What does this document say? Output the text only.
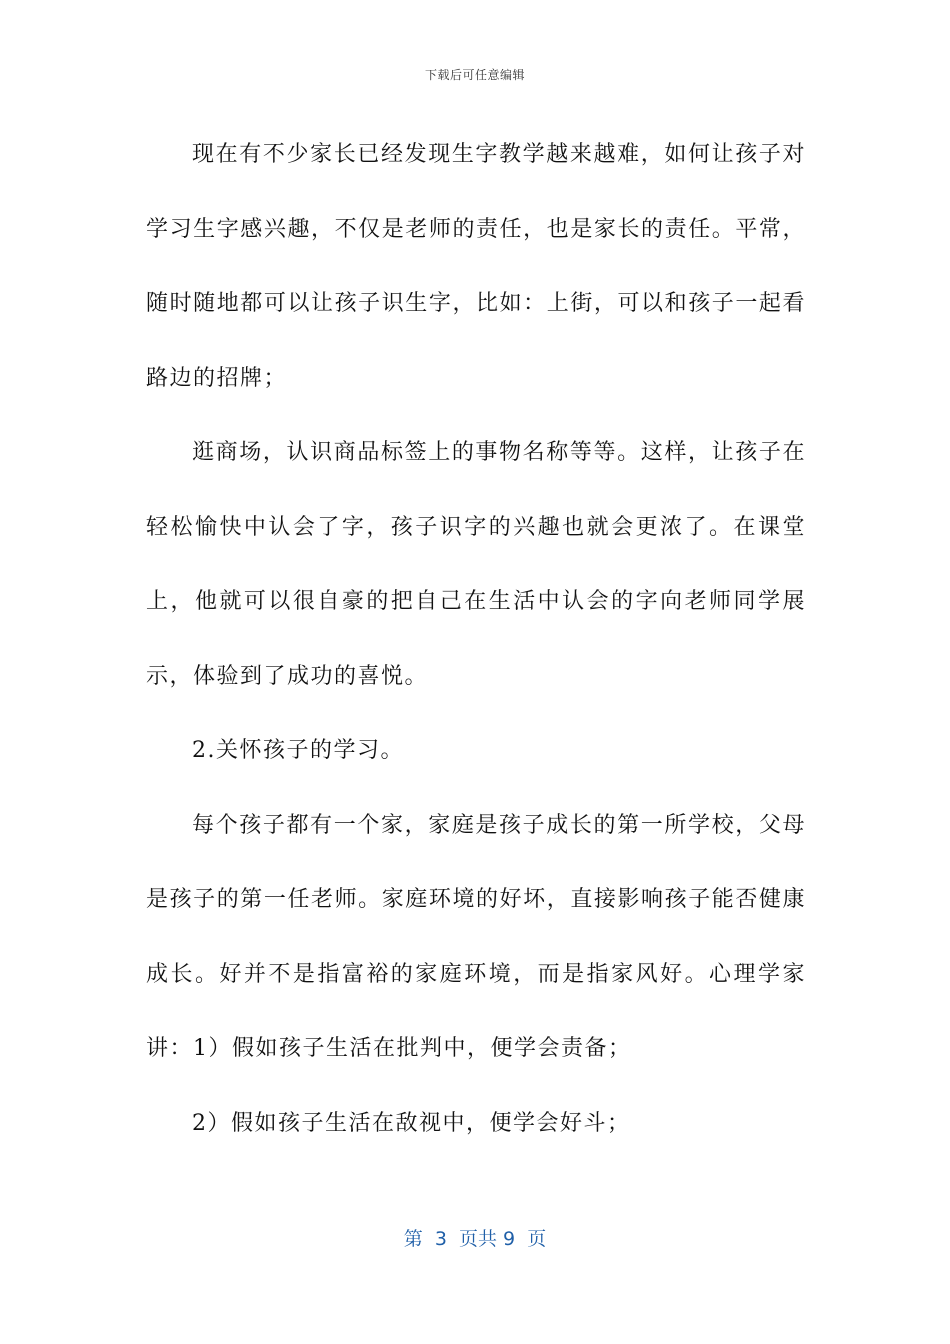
下载后可任意编辑

现在有不少家长已经发现生字教学越来越难，如何让孩子对学习生字感兴趣，不仅是老师的责任，也是家长的责任。平常，随时随地都可以让孩子识生字，比如：上街，可以和孩子一起看路边的招牌；

逛商场，认识商品标签上的事物名称等等。这样，让孩子在轻松愉快中认会了字，孩子识字的兴趣也就会更浓了。在课堂上，他就可以很自豪的把自己在生活中认会的字向老师同学展示，体验到了成功的喜悦。

2.关怀孩子的学习。

每个孩子都有一个家，家庭是孩子成长的第一所学校，父母是孩子的第一任老师。家庭环境的好坏，直接影响孩子能否健康成长。好并不是指富裕的家庭环境，而是指家风好。心理学家讲：1）假如孩子生活在批判中，便学会责备；

2）假如孩子生活在敌视中，便学会好斗；

第  3  页共 9  页
